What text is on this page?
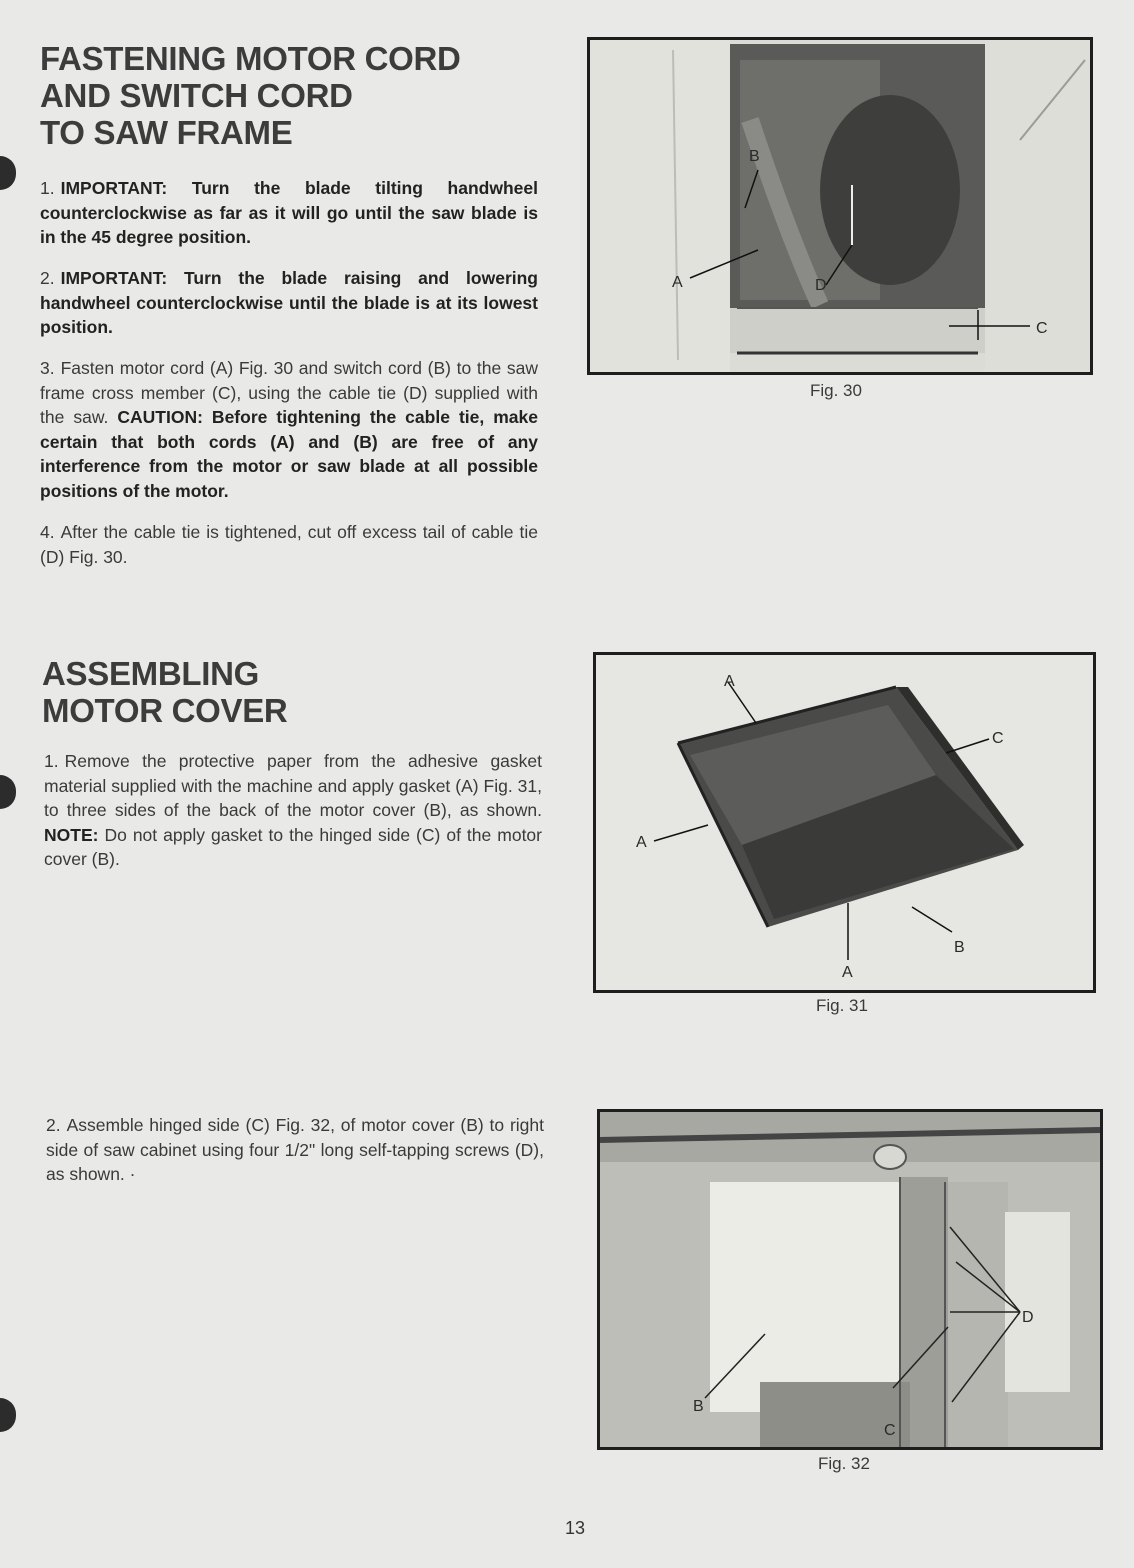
FASTENING MOTOR CORD
AND SWITCH CORD
TO SAW FRAME
1. IMPORTANT: Turn the blade tilting handwheel counterclockwise as far as it will go until the saw blade is in the 45 degree position.
2. IMPORTANT: Turn the blade raising and lowering handwheel counterclockwise until the blade is at its lowest position.
3. Fasten motor cord (A) Fig. 30 and switch cord (B) to the saw frame cross member (C), using the cable tie (D) supplied with the saw. CAUTION: Before tightening the cable tie, make certain that both cords (A) and (B) are free of any interference from the motor or saw blade at all possible positions of the motor.
4. After the cable tie is tightened, cut off excess tail of cable tie (D) Fig. 30.
ASSEMBLING
MOTOR COVER
1. Remove the protective paper from the adhesive gasket material supplied with the machine and apply gasket (A) Fig. 31, to three sides of the back of the motor cover (B), as shown. NOTE: Do not apply gasket to the hinged side (C) of the motor cover (B).
2. Assemble hinged side (C) Fig. 32, of motor cover (B) to right side of saw cabinet using four 1/2" long self-tapping screws (D), as shown. ·
A
B
C
D
Fig. 30
A
A
A
B
C
Fig. 31
B
C
D
Fig. 32
13
